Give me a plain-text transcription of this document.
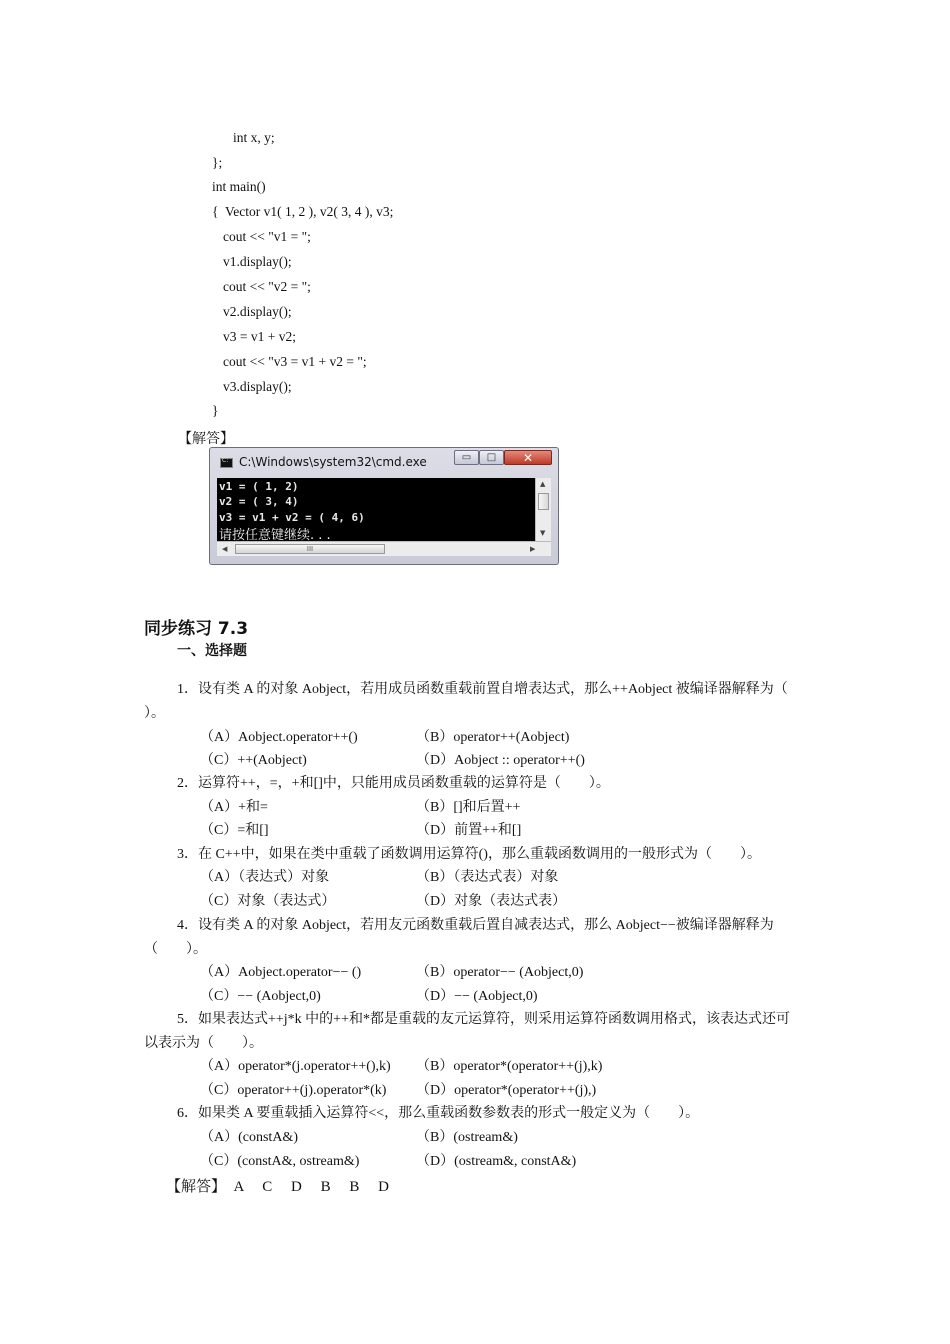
int x, y;
};
int main()
{  Vector v1( 1, 2 ), v2( 3, 4 ), v3;
cout << "v1 = ";
v1.display();
cout << "v2 = ";
v2.display();
v3 = v1 + v2;
cout << "v3 = v1 + v2 = ";
v3.display();
}
【解答】
C:
C:\Windows\system32\cmd.exe	▭	□	✕
v1 = ( 1, 2)
v2 = ( 3, 4)
v3 = v1 + v2 = ( 4, 6)
请按任意键继续. . .
▲
▼
◀	III	▶
同步练习 7.3
一、选择题
1．设有类 A 的对象 Aobject，若用成员函数重载前置自增表达式，那么++Aobject 被编译器解释为（
）。
（A）Aobject.operator++()	（B）operator++(Aobject)
（C）++(Aobject)	（D）Aobject :: operator++()
2．运算符++，=，+和[]中，只能用成员函数重载的运算符是（　　）。
（A）+和=	（B）[]和后置++
（C）=和[]	（D）前置++和[]
3．在 C++中，如果在类中重载了函数调用运算符()，那么重载函数调用的一般形式为（　　）。
（A）（表达式）对象	（B）（表达式表）对象
（C）对象（表达式）	（D）对象（表达式表）
4．设有类 A 的对象 Aobject，若用友元函数重载后置自减表达式，那么 Aobject−−被编译器解释为
（　　）。
（A）Aobject.operator−− ()	（B）operator−− (Aobject,0)
（C）−− (Aobject,0)	（D）−− (Aobject,0)
5．如果表达式++j*k 中的++和*都是重载的友元运算符，则采用运算符函数调用格式，该表达式还可
以表示为（　　）。
（A）operator*(j.operator++(),k) （B）operator*(operator++(j),k)
（C）operator++(j).operator*(k) （D）operator*(operator++(j),)
6．如果类 A 要重载插入运算符<<，那么重载函数参数表的形式一般定义为（　　）。
（A）(constA&)	（B）(ostream&)
（C）(constA&, ostream&)	（D）(ostream&, constA&)
【解答】　A　 C　 D　 B　 B　 D
